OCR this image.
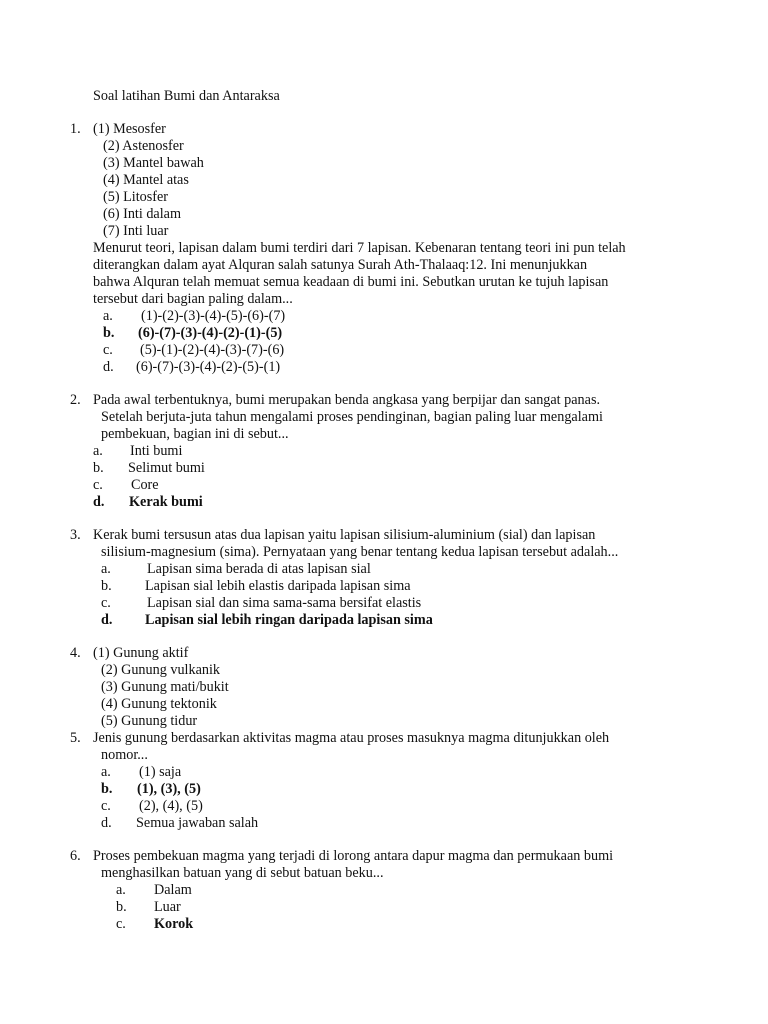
Soal latihan Bumi dan Antaraksa
1. (1) Mesosfer
(2) Astenosfer
(3) Mantel bawah
(4) Mantel atas
(5) Litosfer
(6) Inti dalam
(7) Inti luar
Menurut teori, lapisan dalam bumi terdiri dari 7 lapisan. Kebenaran tentang teori ini pun telah
diterangkan dalam ayat Alquran salah satunya Surah Ath-Thalaaq:12. Ini menunjukkan
bahwa Alquran telah memuat semua keadaan di bumi ini. Sebutkan urutan ke tujuh lapisan
tersebut dari bagian paling dalam...
a. (1)-(2)-(3)-(4)-(5)-(6)-(7)
b. (6)-(7)-(3)-(4)-(2)-(1)-(5)
c. (5)-(1)-(2)-(4)-(3)-(7)-(6)
d. (6)-(7)-(3)-(4)-(2)-(5)-(1)
2. Pada awal terbentuknya, bumi merupakan benda angkasa yang berpijar dan sangat panas.
Setelah berjuta-juta tahun mengalami proses pendinginan, bagian paling luar mengalami
pembekuan, bagian ini di sebut...
a. Inti bumi
b. Selimut bumi
c. Core
d. Kerak bumi
3. Kerak bumi tersusun atas dua lapisan yaitu lapisan silisium-aluminium (sial) dan lapisan
silisium-magnesium (sima). Pernyataan yang benar tentang kedua lapisan tersebut adalah...
a.	Lapisan sima berada di atas lapisan sial
b. Lapisan sial lebih elastis daripada lapisan sima
c.	Lapisan sial dan sima sama-sama bersifat elastis
d. Lapisan sial lebih ringan daripada lapisan sima
4. (1) Gunung aktif
(2) Gunung vulkanik
(3) Gunung mati/bukit
(4) Gunung tektonik
(5) Gunung tidur
5. Jenis gunung berdasarkan aktivitas magma atau proses masuknya magma ditunjukkan oleh
nomor...
a. (1) saja
b. (1), (3), (5)
c. (2), (4), (5)
d. Semua jawaban salah
6. Proses pembekuan magma yang terjadi di lorong antara dapur magma dan permukaan bumi
menghasilkan batuan yang di sebut batuan beku...
a. Dalam
b. Luar
c. Korok
